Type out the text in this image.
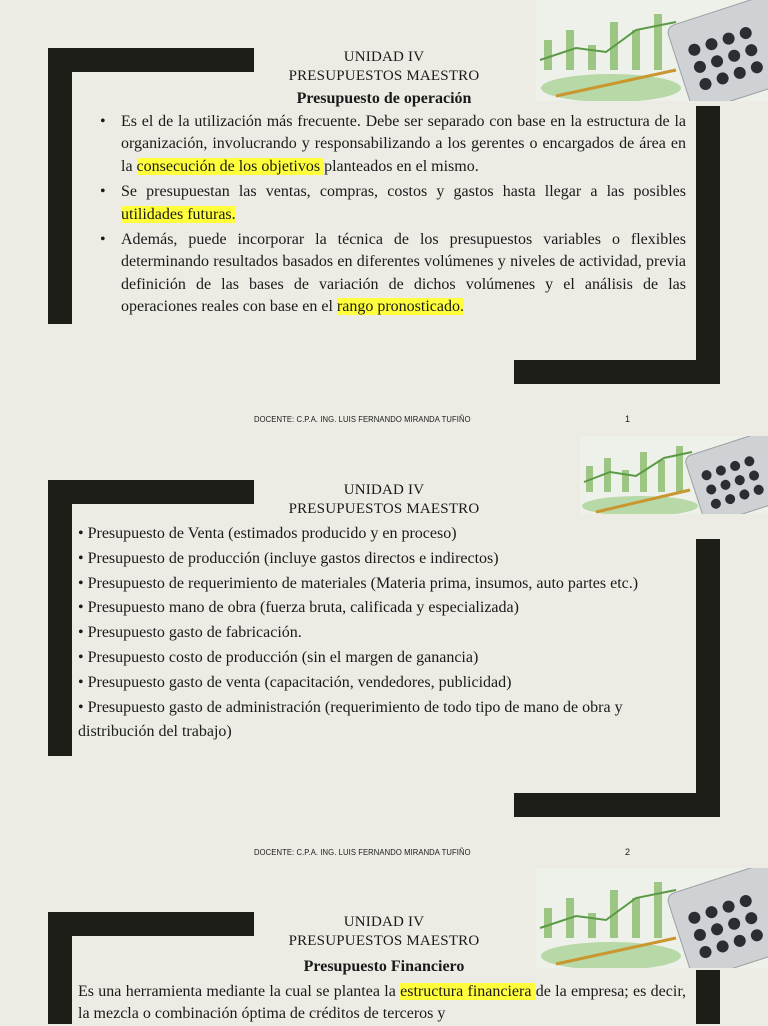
UNIDAD IV
PRESUPUESTOS MAESTRO
Presupuesto de operación
• Es el de la utilización más frecuente. Debe ser separado con base en la estructura de la organización, involucrando y responsabilizando a los gerentes o encargados de área en la consecución de los objetivos planteados en el mismo.
• Se presupuestan las ventas, compras, costos y gastos hasta llegar a las posibles utilidades futuras.
• Además, puede incorporar la técnica de los presupuestos variables o flexibles determinando resultados basados en diferentes volúmenes y niveles de actividad, previa definición de las bases de variación de dichos volúmenes y el análisis de las operaciones reales con base en el rango pronosticado.
DOCENTE: C.P.A. ING. LUIS FERNANDO MIRANDA TUFIÑO	1
UNIDAD IV
PRESUPUESTOS MAESTRO

• Presupuesto de Venta (estimados producido y en proceso)

• Presupuesto de producción (incluye gastos directos e indirectos)

• Presupuesto de requerimiento de materiales (Materia prima, insumos, auto partes etc.)

• Presupuesto mano de obra (fuerza bruta, calificada y especializada)

• Presupuesto gasto de fabricación.

• Presupuesto costo de producción (sin el margen de ganancia)

• Presupuesto gasto de venta (capacitación, vendedores, publicidad)

• Presupuesto gasto de administración (requerimiento de todo tipo de mano de obra y distribución del trabajo)

DOCENTE: C.P.A. ING. LUIS FERNANDO MIRANDA TUFIÑO	2
UNIDAD IV
PRESUPUESTOS MAESTRO
Presupuesto Financiero
Es una herramienta mediante la cual se plantea la estructura financiera de la empresa; es decir, la mezcla o combinación óptima de créditos de terceros y
